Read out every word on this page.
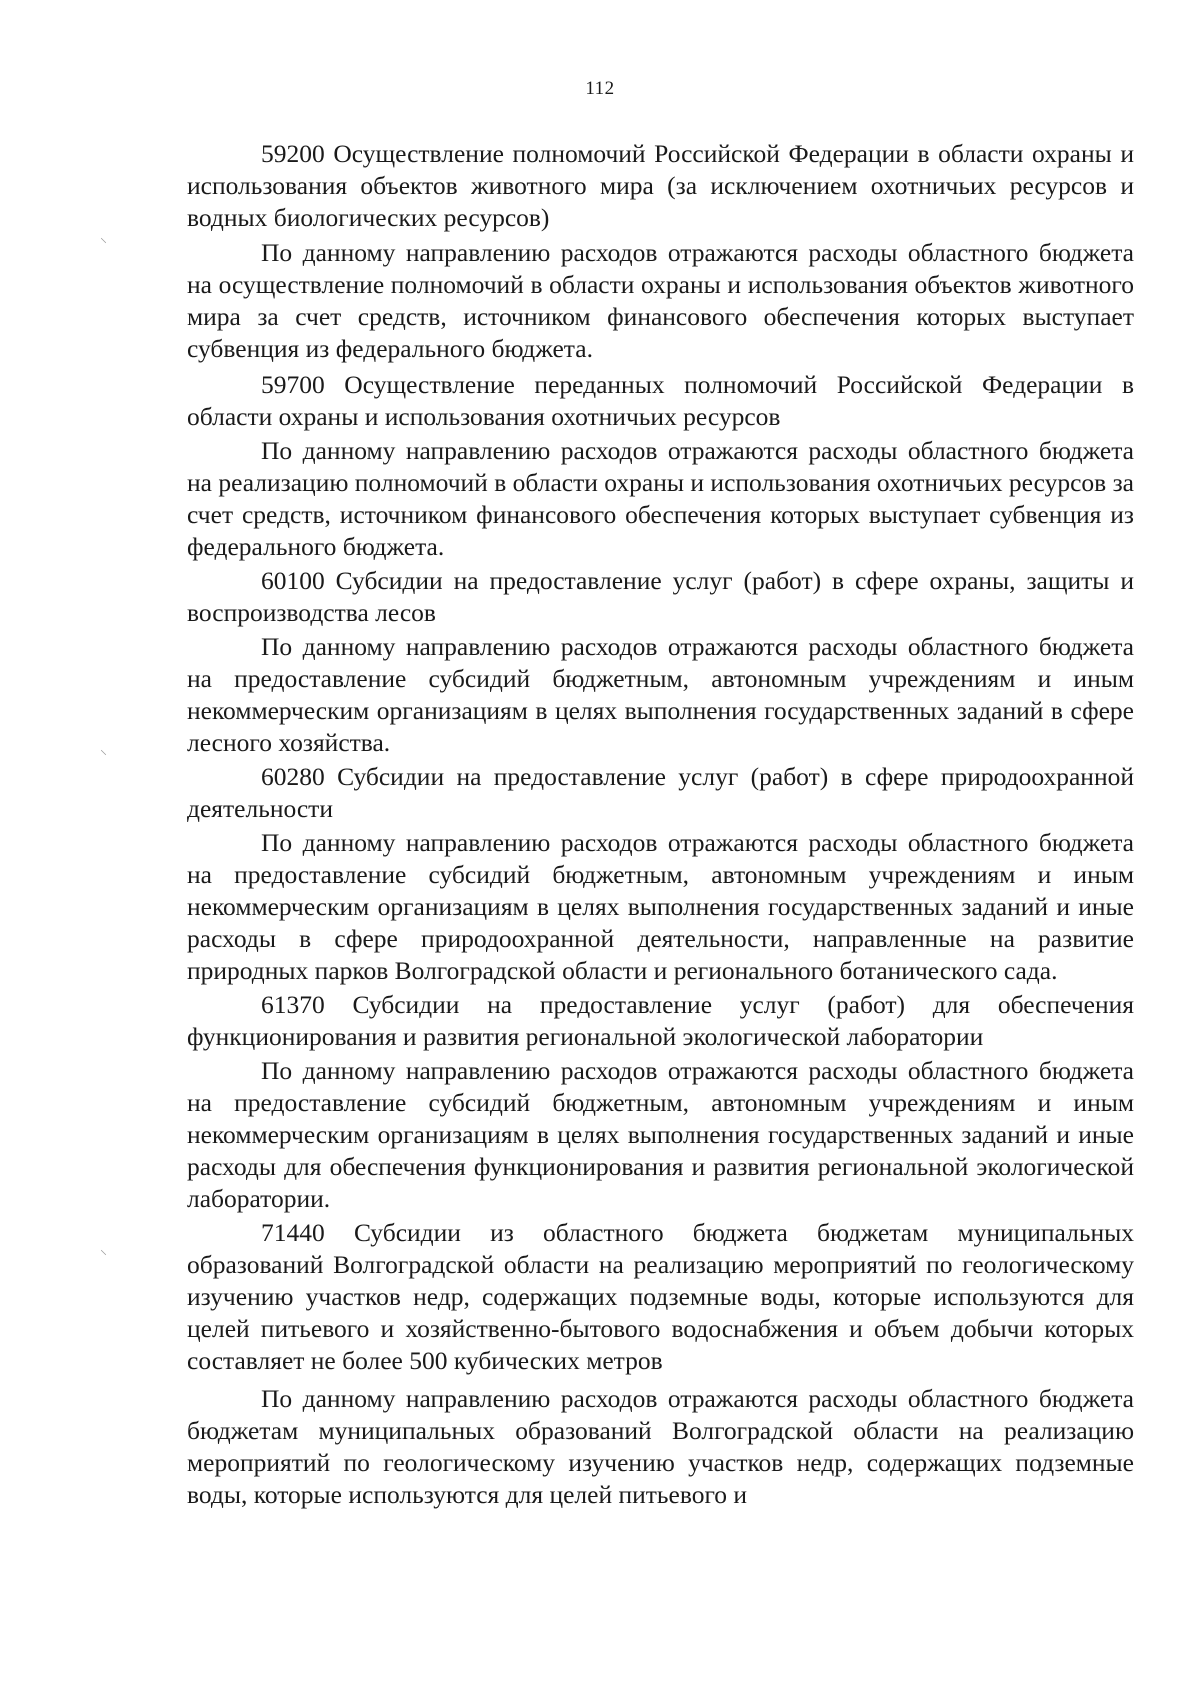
112
⸜
⸜
⸜

59200 Осуществление полномочий Российской Федерации в области охраны и использования объектов животного мира (за исключением охотничьих ресурсов и водных биологических ресурсов)

По данному направлению расходов отражаются расходы областного бюджета на осуществление полномочий в области охраны и использования объектов животного мира за счет средств, источником финансового обеспечения которых выступает субвенция из федерального бюджета.

59700 Осуществление переданных полномочий Российской Федерации в области охраны и использования охотничьих ресурсов

По данному направлению расходов отражаются расходы областного бюджета на реализацию полномочий в области охраны и использования охотничьих ресурсов за счет средств, источником финансового обеспечения которых выступает субвенция из федерального бюджета.

60100 Субсидии на предоставление услуг (работ) в сфере охраны, защиты и воспроизводства лесов

По данному направлению расходов отражаются расходы областного бюджета на предоставление субсидий бюджетным, автономным учреждениям и иным некоммерческим организациям в целях выполнения государственных заданий в сфере лесного хозяйства.

60280 Субсидии на предоставление услуг (работ) в сфере природоохранной деятельности

По данному направлению расходов отражаются расходы областного бюджета на предоставление субсидий бюджетным, автономным учреждениям и иным некоммерческим организациям в целях выполнения государственных заданий и иные расходы в сфере природоохранной деятельности, направленные на развитие природных парков Волгоградской области и регионального ботанического сада.

61370 Субсидии на предоставление услуг (работ) для обеспечения функционирования и развития региональной экологической лаборатории

По данному направлению расходов отражаются расходы областного бюджета на предоставление субсидий бюджетным, автономным учреждениям и иным некоммерческим организациям в целях выполнения государственных заданий и иные расходы для обеспечения функционирования и развития региональной экологической лаборатории.

71440 Субсидии из областного бюджета бюджетам муниципальных образований Волгоградской области на реализацию мероприятий по геологическому изучению участков недр, содержащих подземные воды, которые используются для целей питьевого и хозяйственно-бытового водоснабжения и объем добычи которых составляет не более 500 кубических метров

По данному направлению расходов отражаются расходы областного бюджета бюджетам муниципальных образований Волгоградской области на реализацию мероприятий по геологическому изучению участков недр, содержащих подземные воды, которые используются для целей питьевого и
